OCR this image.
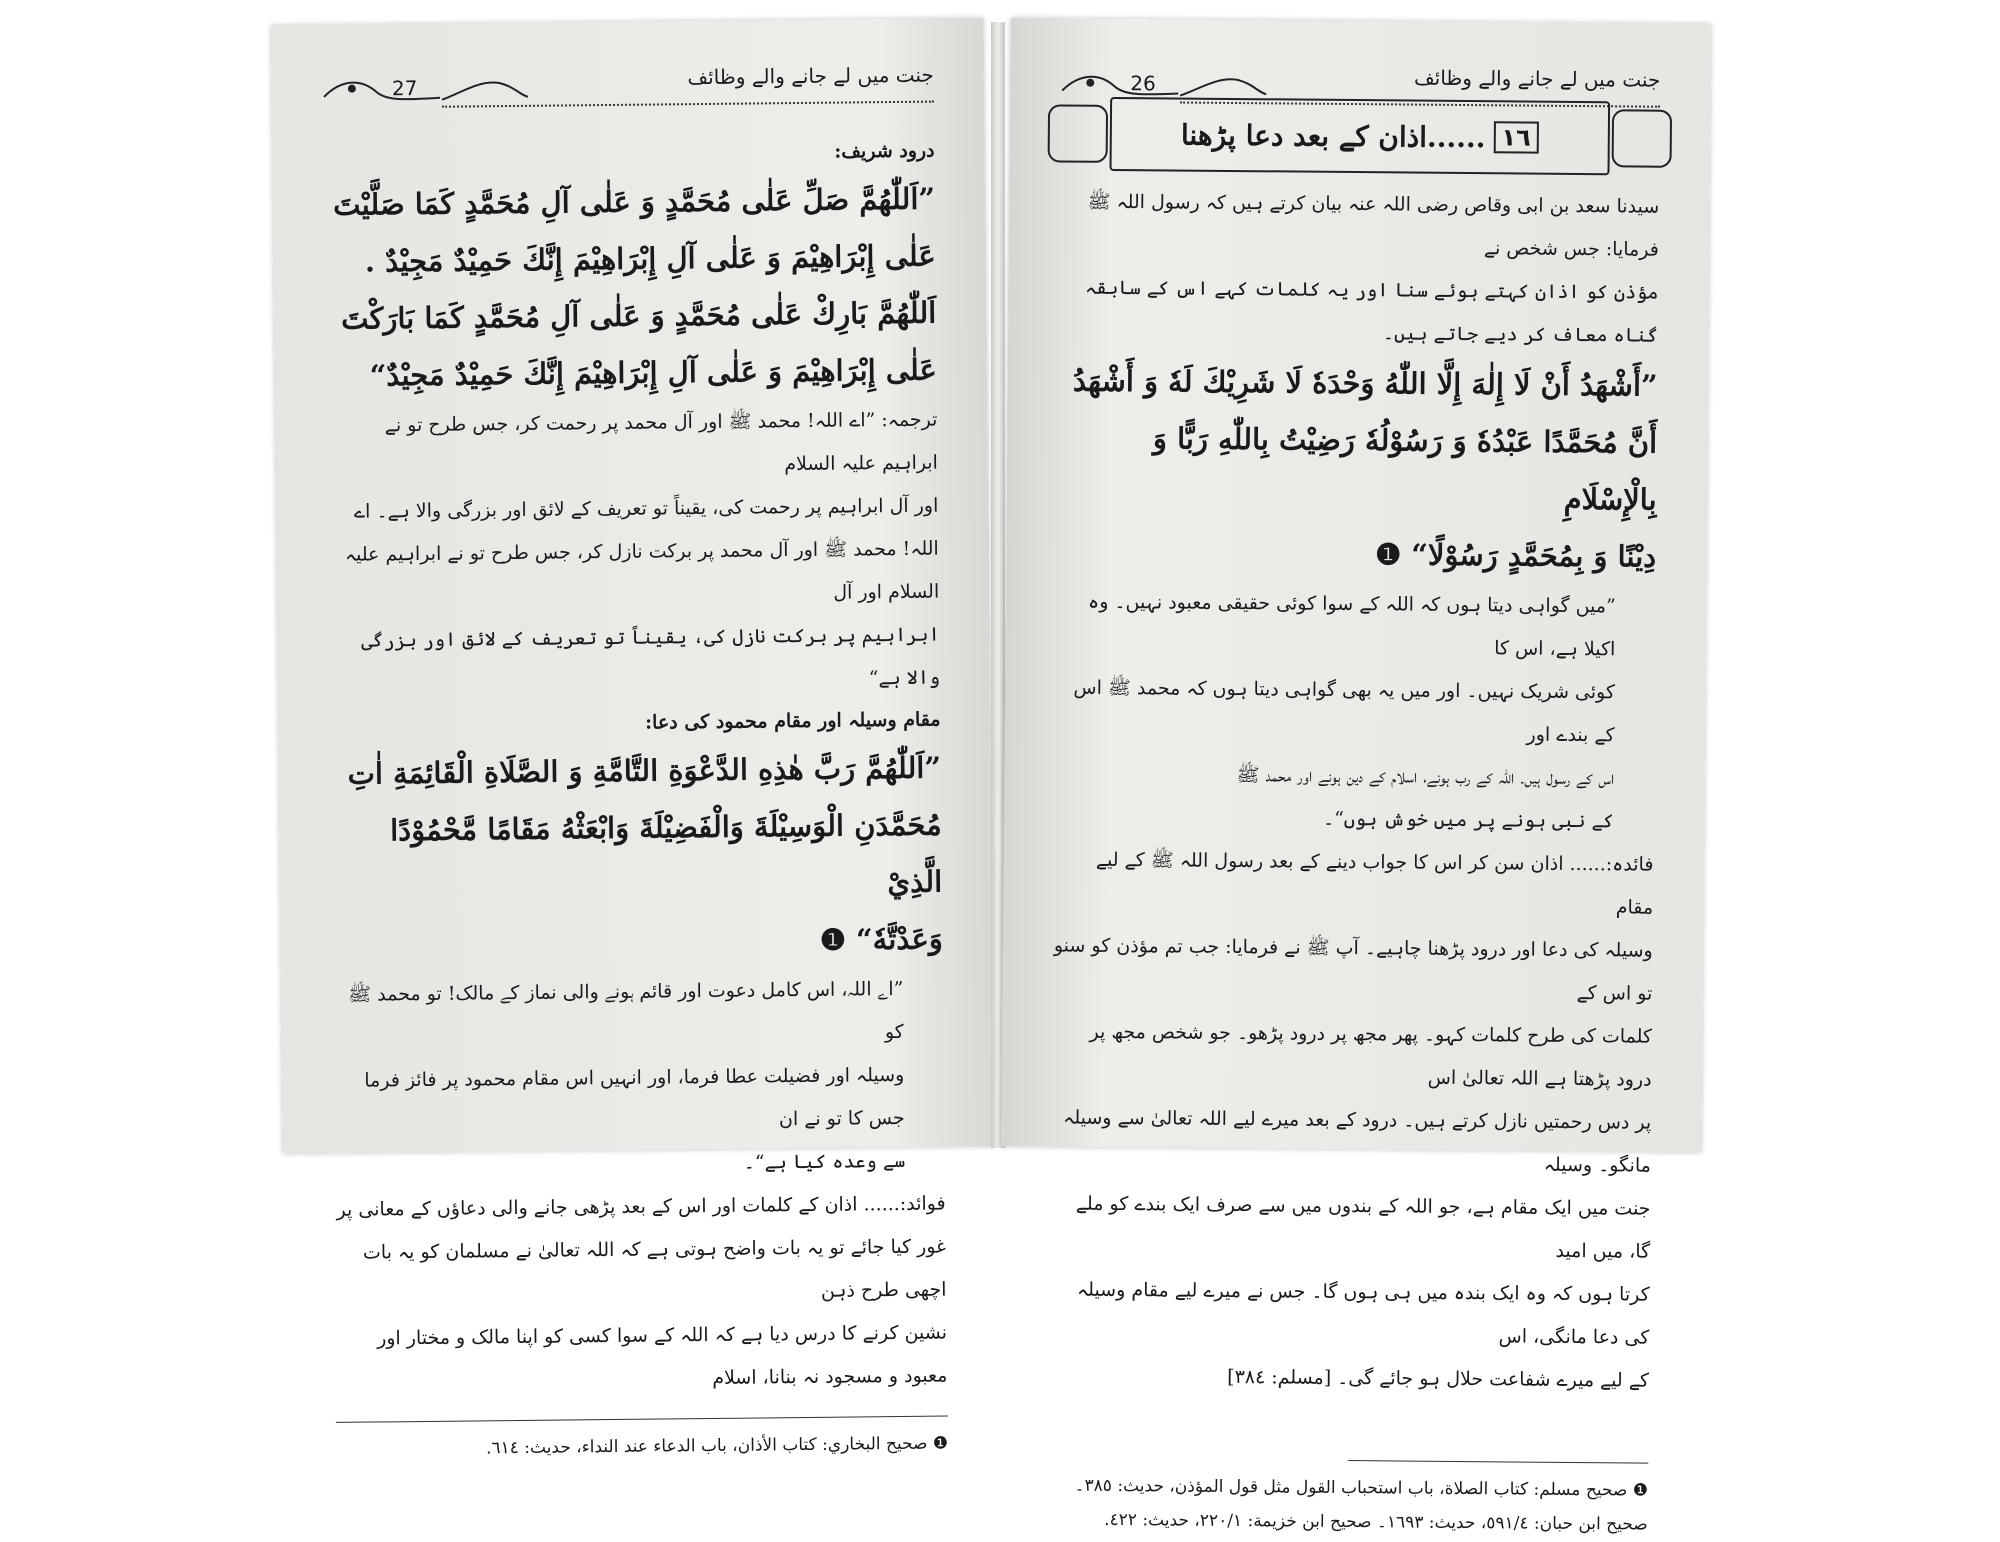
27	جنت میں لے جانے والے وظائف

درود شریف:

”اَللّٰهُمَّ صَلِّ عَلٰى مُحَمَّدٍ وَ عَلٰى آلِ مُحَمَّدٍ كَمَا صَلَّيْتَ

عَلٰى إِبْرَاهِيْمَ وَ عَلٰى آلِ إِبْرَاهِيْمَ إِنَّكَ حَمِيْدٌ مَجِيْدٌ .

اَللّٰهُمَّ بَارِكْ عَلٰى مُحَمَّدٍ وَ عَلٰى آلِ مُحَمَّدٍ كَمَا بَارَكْتَ

عَلٰى إِبْرَاهِيْمَ وَ عَلٰى آلِ إِبْرَاهِيْمَ إِنَّكَ حَمِيْدٌ مَجِيْدٌ“

ترجمہ: ”اے اللہ! محمد ﷺ اور آل محمد پر رحمت کر، جس طرح تو نے ابراہیم علیہ السلام

اور آل ابراہیم پر رحمت کی، یقیناً تو تعریف کے لائق اور بزرگی والا ہے۔ اے

اللہ! محمد ﷺ اور آل محمد پر برکت نازل کر، جس طرح تو نے ابراہیم علیہ السلام اور آل

ابراہیم پر برکت نازل کی، یقیناً تو تعریف کے لائق اور بزرگی والا ہے“

مقام وسیلہ اور مقام محمود کی دعا:

”اَللّٰهُمَّ رَبَّ هٰذِهِ الدَّعْوَةِ التَّامَّةِ وَ الصَّلَاةِ الْقَائِمَةِ اٰتِ

مُحَمَّدَنِ الْوَسِيْلَةَ وَالْفَضِيْلَةَ وَابْعَثْهُ مَقَامًا مَّحْمُوْدًا الَّذِيْ

وَعَدْتَّهٗ“ ❶

”اے اللہ، اس کامل دعوت اور قائم ہونے والی نماز کے مالک! تو محمد ﷺ کو

وسیلہ اور فضیلت عطا فرما، اور انہیں اس مقام محمود پر فائز فرما جس کا تو نے ان

سے وعدہ کیا ہے“۔

فوائد:...... اذان کے کلمات اور اس کے بعد پڑھی جانے والی دعاؤں کے معانی پر

غور کیا جائے تو یہ بات واضح ہوتی ہے کہ اللہ تعالیٰ نے مسلمان کو یہ بات اچھی طرح ذہن

نشین کرنے کا درس دیا ہے کہ اللہ کے سوا کسی کو اپنا مالک و مختار اور معبود و مسجود نہ بنانا، اسلام

❶ صحيح البخاري: كتاب الأذان، باب الدعاء عند النداء، حديث: ٦١٤.

26	جنت میں لے جانے والے وظائف
١٦
......اذان کے بعد دعا پڑھنا

سیدنا سعد بن ابی وقاص رضی اللہ عنہ بیان کرتے ہیں کہ رسول اللہ ﷺ فرمایا: جس شخص نے

مؤذن کو اذان کہتے ہوئے سنا اور یہ کلمات کہے اس کے سابقہ گناہ معاف کر دیے جاتے ہیں۔

”أَشْهَدُ أَنْ لَا إِلٰهَ إِلَّا اللّٰهُ وَحْدَهٗ لَا شَرِيْكَ لَهٗ وَ أَشْهَدُ

أَنَّ مُحَمَّدًا عَبْدُهٗ وَ رَسُوْلُهٗ رَضِيْتُ بِاللّٰهِ رَبًّا وَ بِالْإِسْلَامِ

دِيْنًا وَ بِمُحَمَّدٍ رَسُوْلًا“ ❶

”میں گواہی دیتا ہوں کہ اللہ کے سوا کوئی حقیقی معبود نہیں۔ وہ اکیلا ہے، اس کا

کوئی شریک نہیں۔ اور میں یہ بھی گواہی دیتا ہوں کہ محمد ﷺ اس کے بندے اور

اس کے رسول ہیں۔ اللہ کے رب ہونے، اسلام کے دین ہونے اور محمد ﷺ

کے نبی ہونے پر میں خوش ہوں“۔

فائدہ:...... اذان سن کر اس کا جواب دینے کے بعد رسول اللہ ﷺ کے لیے مقام

وسیلہ کی دعا اور درود پڑھنا چاہیے۔ آپ ﷺ نے فرمایا: جب تم مؤذن کو سنو تو اس کے

کلمات کی طرح کلمات کہو۔ پھر مجھ پر درود پڑھو۔ جو شخص مجھ پر درود پڑھتا ہے اللہ تعالیٰ اس

پر دس رحمتیں نازل کرتے ہیں۔ درود کے بعد میرے لیے اللہ تعالیٰ سے وسیلہ مانگو۔ وسیلہ

جنت میں ایک مقام ہے، جو اللہ کے بندوں میں سے صرف ایک بندے کو ملے گا، میں امید

کرتا ہوں کہ وہ ایک بندہ میں ہی ہوں گا۔ جس نے میرے لیے مقام وسیلہ کی دعا مانگی، اس

کے لیے میرے شفاعت حلال ہو جائے گی۔ [مسلم: ٣٨٤]

❶ صحيح مسلم: كتاب الصلاة، باب استحباب القول مثل قول المؤذن، حديث: ٣٨٥۔

صحيح ابن حبان: ٥٩١/٤، حديث: ١٦٩٣۔ صحيح ابن خزيمة: ٢٢٠/١، حديث: ٤٢٢.
